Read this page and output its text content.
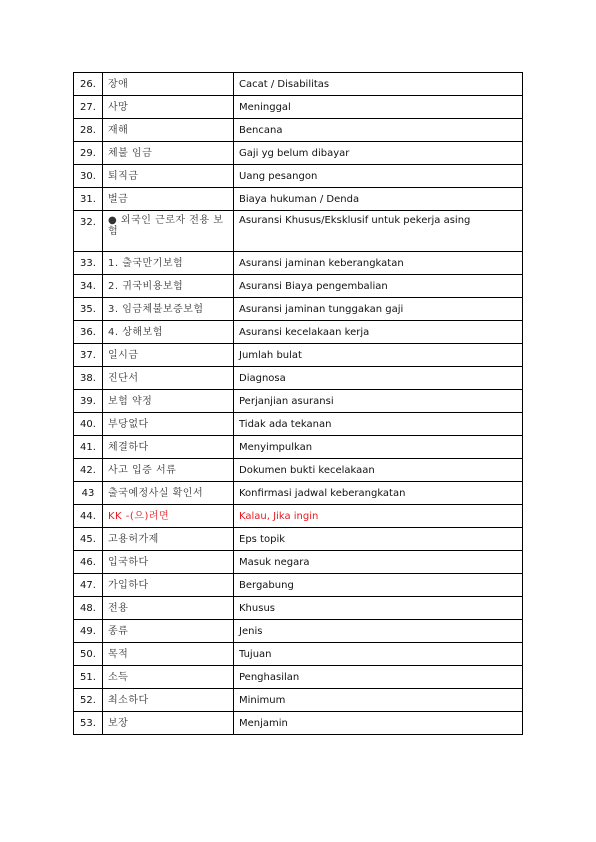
26.	장애	Cacat / Disabilitas
27.	사망	Meninggal
28.	재해	Bencana
29.	체불 임금	Gaji yg belum dibayar
30.	퇴직금	Uang pesangon
31.	벌금	Biaya hukuman / Denda
32.	● 외국인 근로자 전용 보험	Asuransi Khusus/Eksklusif untuk pekerja asing
33.	1. 출국만기보험	Asuransi jaminan keberangkatan
34.	2. 귀국비용보험	Asuransi Biaya pengembalian
35.	3. 임금체불보증보험	Asuransi jaminan tunggakan gaji
36.	4. 상해보험	Asuransi kecelakaan kerja
37.	일시금	Jumlah bulat
38.	진단서	Diagnosa
39.	보험 약정	Perjanjian asuransi
40.	부당없다	Tidak ada tekanan
41.	체결하다	Menyimpulkan
42.	사고 입증 서류	Dokumen bukti kecelakaan
43	출국예정사실 확인서	Konfirmasi jadwal keberangkatan
44.	KK -(으)려면	Kalau, Jika ingin
45.	고용허가제	Eps topik
46.	입국하다	Masuk negara
47.	가입하다	Bergabung
48.	전용	Khusus
49.	종류	Jenis
50.	목적	Tujuan
51.	소득	Penghasilan
52.	최소하다	Minimum
53.	보장	Menjamin
